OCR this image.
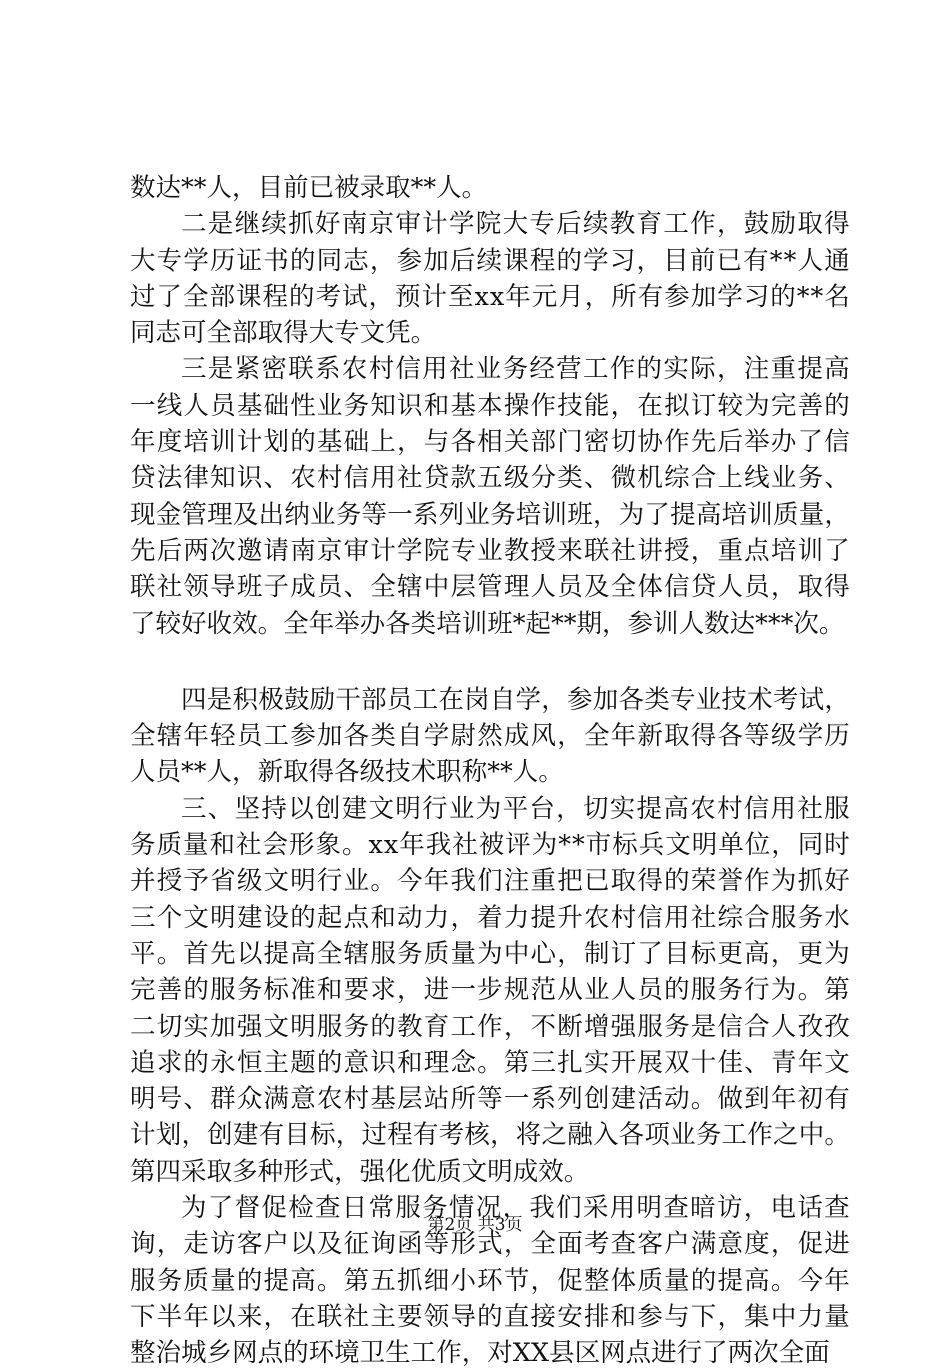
数 达 * * 人 ， 目 前 已 被 录 取 * * 人 。
二 是 继 续 抓 好 南 京 审 计 学 院 大 专 后 续 教 育 工 作 ， 鼓 励 取 得
大 专 学 历 证 书 的 同 志 ， 参 加 后 续 课 程 的 学 习 ， 目 前 已 有 * * 人 通
过 了 全 部 课 程 的 考 试 ， 预 计 至 x x 年 元 月 ， 所 有 参 加 学 习 的 * * 名
同 志 可 全 部 取 得 大 专 文 凭 。
三 是 紧 密 联 系 农 村 信 用 社 业 务 经 营 工 作 的 实 际 ， 注 重 提 高
一 线 人 员 基 础 性 业 务 知 识 和 基 本 操 作 技 能 ， 在 拟 订 较 为 完 善 的
年 度 培 训 计 划 的 基 础 上 ， 与 各 相 关 部 门 密 切 协 作 先 后 举 办 了 信
贷 法 律 知 识 、 农 村 信 用 社 贷 款 五 级 分 类 、 微 机 综 合 上 线 业 务 、
现 金 管 理 及 出 纳 业 务 等 一 系 列 业 务 培 训 班 ， 为 了 提 高 培 训 质 量 ，
先 后 两 次 邀 请 南 京 审 计 学 院 专 业 教 授 来 联 社 讲 授 ， 重 点 培 训 了
联 社 领 导 班 子 成 员 、 全 辖 中 层 管 理 人 员 及 全 体 信 贷 人 员 ， 取 得
了 较 好 收 效 。 全 年 举 办 各 类 培 训 班 * 起 * * 期 ， 参 训 人 数 达 * * * 次 。
四 是 积 极 鼓 励 干 部 员 工 在 岗 自 学 ， 参 加 各 类 专 业 技 术 考 试 ，
全 辖 年 轻 员 工 参 加 各 类 自 学 尉 然 成 风 ， 全 年 新 取 得 各 等 级 学 历
人 员 * * 人 ， 新 取 得 各 级 技 术 职 称 * * 人 。
三 、 坚 持 以 创 建 文 明 行 业 为 平 台 ， 切 实 提 高 农 村 信 用 社 服
务 质 量 和 社 会 形 象 。 x x 年 我 社 被 评 为 * * 市 标 兵 文 明 单 位 ， 同 时
并 授 予 省 级 文 明 行 业 。 今 年 我 们 注 重 把 已 取 得 的 荣 誉 作 为 抓 好
三 个 文 明 建 设 的 起 点 和 动 力 ， 着 力 提 升 农 村 信 用 社 综 合 服 务 水
平 。 首 先 以 提 高 全 辖 服 务 质 量 为 中 心 ， 制 订 了 目 标 更 高 ， 更 为
完 善 的 服 务 标 准 和 要 求 ， 进 一 步 规 范 从 业 人 员 的 服 务 行 为 。 第
二 切 实 加 强 文 明 服 务 的 教 育 工 作 ， 不 断 增 强 服 务 是 信 合 人 孜 孜
追 求 的 永 恒 主 题 的 意 识 和 理 念 。 第 三 扎 实 开 展 双 十 佳 、 青 年 文
明 号 、 群 众 满 意 农 村 基 层 站 所 等 一 系 列 创 建 活 动 。 做 到 年 初 有
计 划 ， 创 建 有 目 标 ， 过 程 有 考 核 ， 将 之 融 入 各 项 业 务 工 作 之 中 。
第 四 采 取 多 种 形 式 ， 强 化 优 质 文 明 成 效 。
为 了 督 促 检 查 日 常 服 务 情 况 ， 我 们 采 用 明 查 暗 访 ， 电 话 查
询 ， 走 访 客 户 以 及 征 询 函 等 形 式 ， 全 面 考 查 客 户 满 意 度 ， 促 进
服 务 质 量 的 提 高 。 第 五 抓 细 小 环 节 ， 促 整 体 质 量 的 提 高 。 今 年
下 半 年 以 来 ， 在 联 社 主 要 领 导 的 直 接 安 排 和 参 与 下 ， 集 中 力 量
整 治 城 乡 网 点 的 环 境 卫 生 工 作 ， 对 X X 县 区 网 点 进 行 了 两 次 全 面
第2页 共3页
